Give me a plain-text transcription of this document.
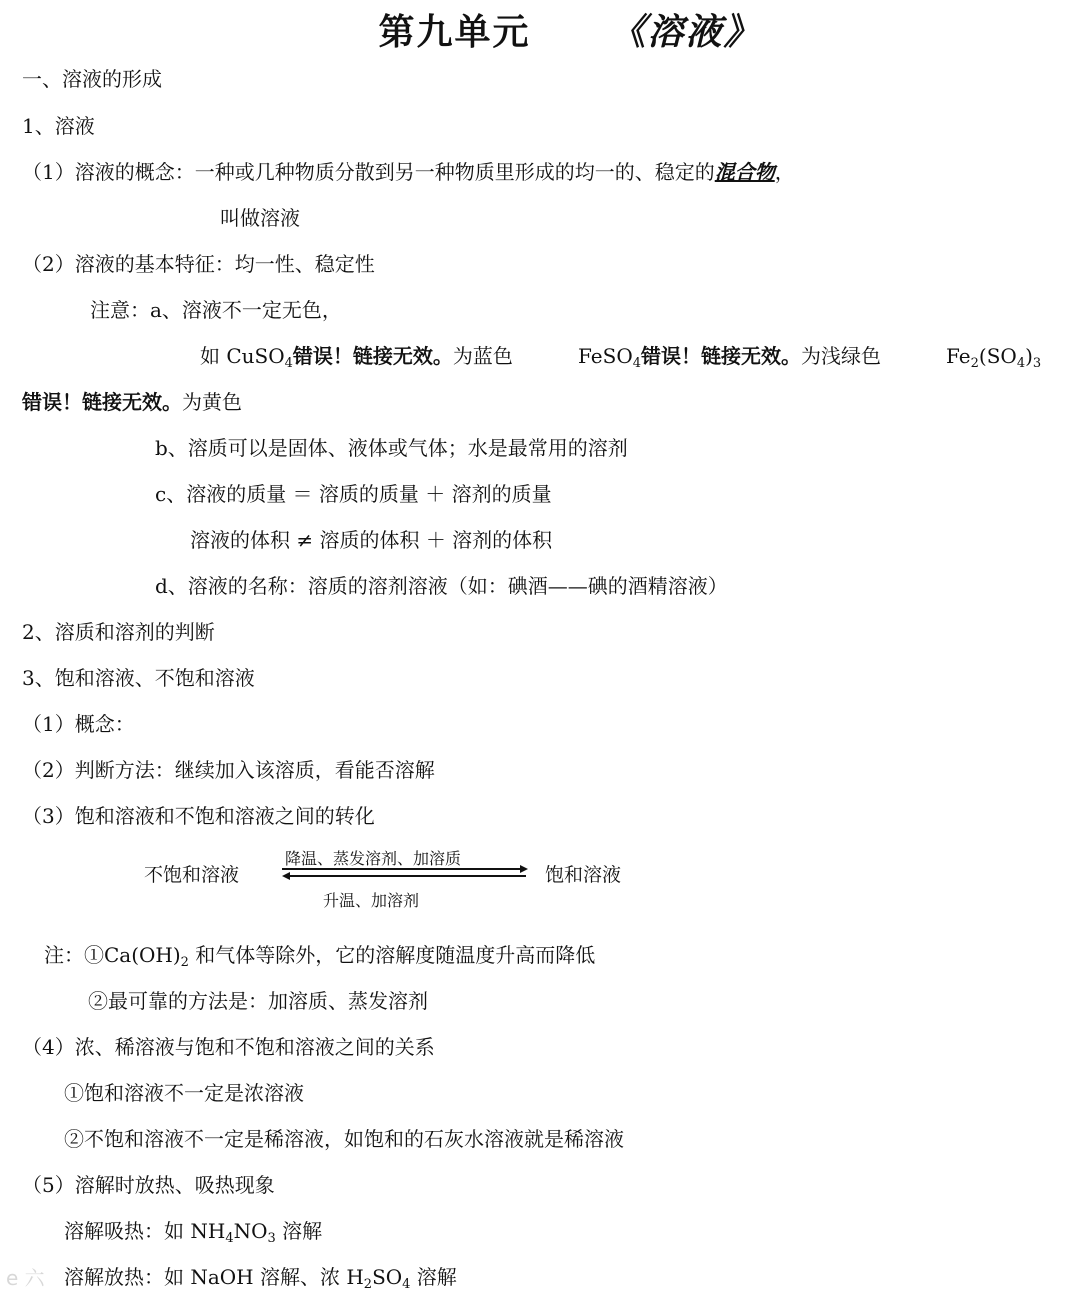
第九单元 《溶液》
一、溶液的形成
1、溶液
（1）溶液的概念：一种或几种物质分散到另一种物质里形成的均一的、稳定的混合物，
叫做溶液
（2）溶液的基本特征：均一性、稳定性
注意：a、溶液不一定无色，
如 CuSO$_4$错误！链接无效。为蓝色	FeSO$_4$错误！链接无效。为浅绿色	$Fe_2(SO_4)_3$
错误！链接无效。为黄色
b、溶质可以是固体、液体或气体；水是最常用的溶剂
c、溶液的质量 ＝ 溶质的质量 ＋ 溶剂的质量
溶液的体积 ≠ 溶质的体积 ＋ 溶剂的体积
d、溶液的名称：溶质的溶剂溶液（如：碘酒——碘的酒精溶液）
2、溶质和溶剂的判断
3、饱和溶液、不饱和溶液
（1）概念：
（2）判断方法：继续加入该溶质，看能否溶解
（3）饱和溶液和不饱和溶液之间的转化
不饱和溶液
降温、蒸发溶剂、加溶质
升温、加溶剂
饱和溶液
注：$①Ca(OH)_2$ 和气体等除外，它的溶解度随温度升高而降低
②最可靠的方法是：加溶质、蒸发溶剂
（4）浓、稀溶液与饱和不饱和溶液之间的关系
①饱和溶液不一定是浓溶液
②不饱和溶液不一定是稀溶液，如饱和的石灰水溶液就是稀溶液
（5）溶解时放热、吸热现象
溶解吸热：如 $NH_4NO_3$ 溶解
溶解放热：如 NaOH 溶解、浓 $H_2SO_4$ 溶解
e 六
